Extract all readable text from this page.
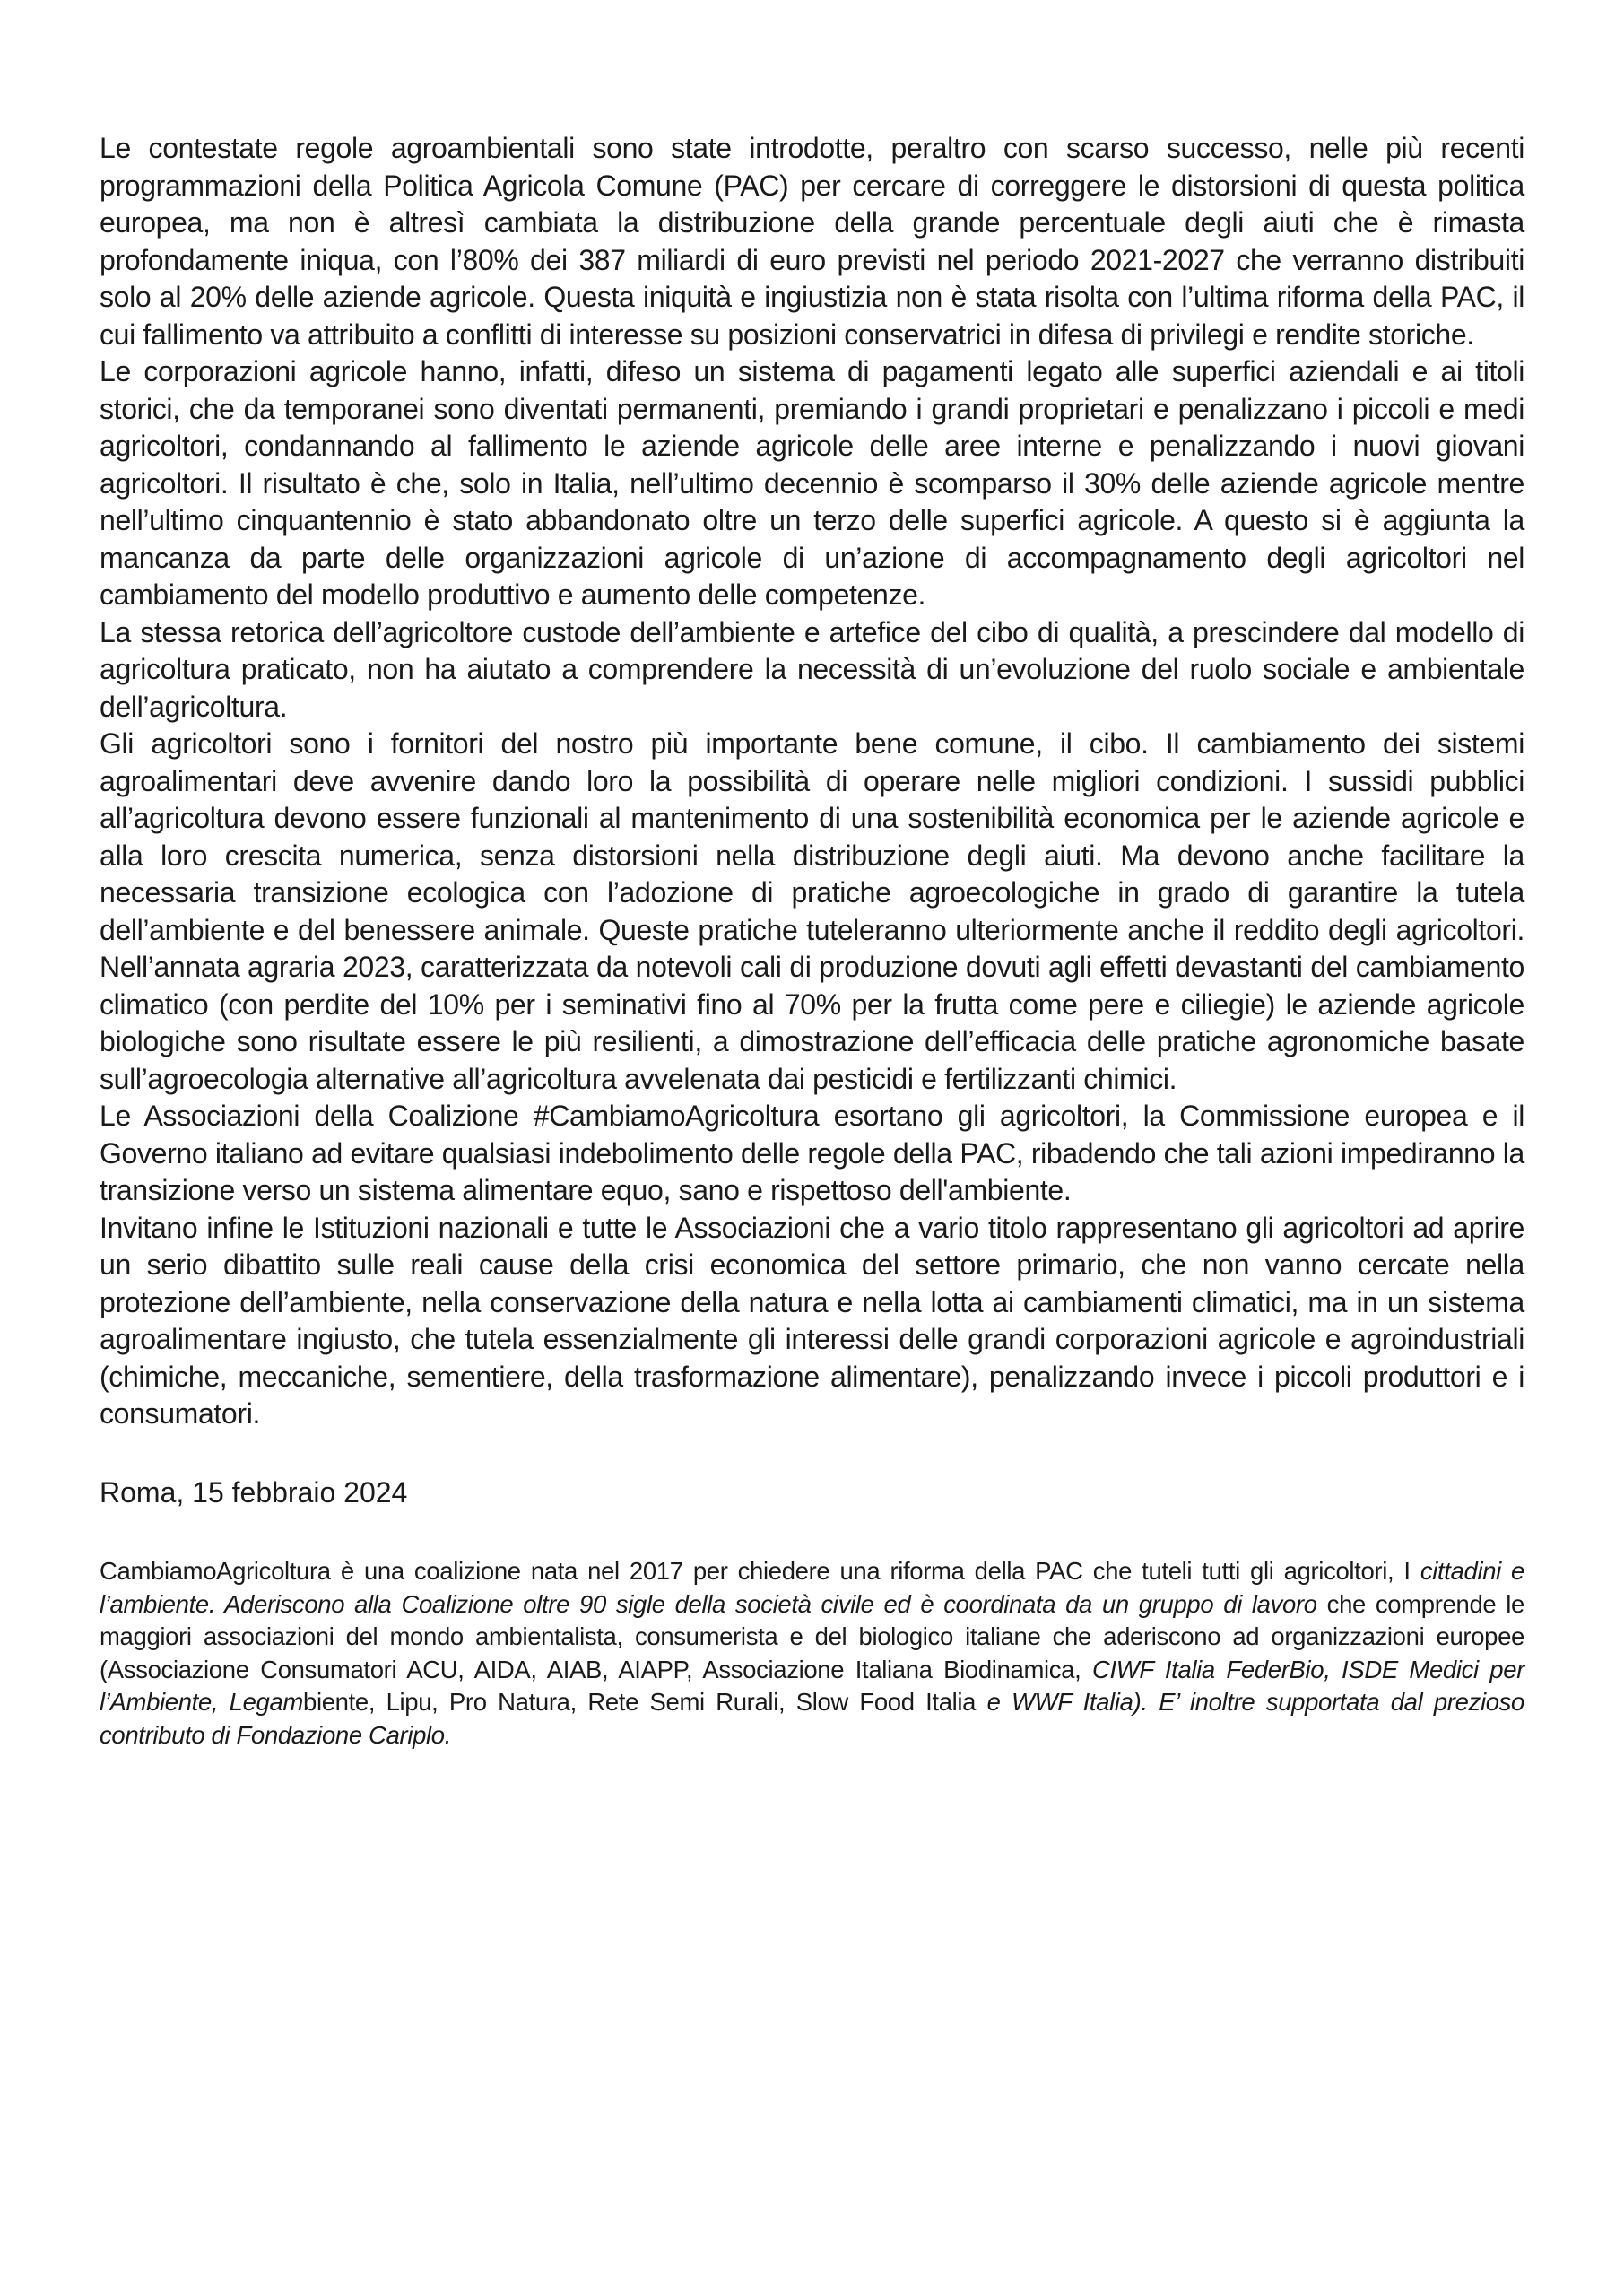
Le contestate regole agroambientali sono state introdotte, peraltro con scarso successo, nelle più recenti programmazioni della Politica Agricola Comune (PAC) per cercare di correggere le distorsioni di questa politica europea, ma non è altresì cambiata la distribuzione della grande percentuale degli aiuti che è rimasta profondamente iniqua, con l’80% dei 387 miliardi di euro previsti nel periodo 2021-2027 che verranno distribuiti solo al 20% delle aziende agricole. Questa iniquità e ingiustizia non è stata risolta con l’ultima riforma della PAC, il cui fallimento va attribuito a conflitti di interesse su posizioni conservatrici in difesa di privilegi e rendite storiche.

Le corporazioni agricole hanno, infatti, difeso un sistema di pagamenti legato alle superfici aziendali e ai titoli storici, che da temporanei sono diventati permanenti, premiando i grandi proprietari e penalizzano i piccoli e medi agricoltori, condannando al fallimento le aziende agricole delle aree interne e penalizzando i nuovi giovani agricoltori. Il risultato è che, solo in Italia, nell’ultimo decennio è scomparso il 30% delle aziende agricole mentre nell’ultimo cinquantennio è stato abbandonato oltre un terzo delle superfici agricole. A questo si è aggiunta la mancanza da parte delle organizzazioni agricole di un’azione di accompagnamento degli agricoltori nel cambiamento del modello produttivo e aumento delle competenze.

La stessa retorica dell’agricoltore custode dell’ambiente e artefice del cibo di qualità, a prescindere dal modello di agricoltura praticato, non ha aiutato a comprendere la necessità di un’evoluzione del ruolo sociale e ambientale dell’agricoltura.

Gli agricoltori sono i fornitori del nostro più importante bene comune, il cibo. Il cambiamento dei sistemi agroalimentari deve avvenire dando loro la possibilità di operare nelle migliori condizioni. I sussidi pubblici all’agricoltura devono essere funzionali al mantenimento di una sostenibilità economica per le aziende agricole e alla loro crescita numerica, senza distorsioni nella distribuzione degli aiuti. Ma devono anche facilitare la necessaria transizione ecologica con l’adozione di pratiche agroecologiche in grado di garantire la tutela dell’ambiente e del benessere animale. Queste pratiche tuteleranno ulteriormente anche il reddito degli agricoltori. Nell’annata agraria 2023, caratterizzata da notevoli cali di produzione dovuti agli effetti devastanti del cambiamento climatico (con perdite del 10% per i seminativi fino al 70% per la frutta come pere e ciliegie) le aziende agricole biologiche sono risultate essere le più resilienti, a dimostrazione dell’efficacia delle pratiche agronomiche basate sull’agroecologia alternative all’agricoltura avvelenata dai pesticidi e fertilizzanti chimici.

Le Associazioni della Coalizione #CambiamoAgricoltura esortano gli agricoltori, la Commissione europea e il Governo italiano ad evitare qualsiasi indebolimento delle regole della PAC, ribadendo che tali azioni impediranno la transizione verso un sistema alimentare equo, sano e rispettoso dell'ambiente.

Invitano infine le Istituzioni nazionali e tutte le Associazioni che a vario titolo rappresentano gli agricoltori ad aprire un serio dibattito sulle reali cause della crisi economica del settore primario, che non vanno cercate nella protezione dell’ambiente, nella conservazione della natura e nella lotta ai cambiamenti climatici, ma in un sistema agroalimentare ingiusto, che tutela essenzialmente gli interessi delle grandi corporazioni agricole e agroindustriali (chimiche, meccaniche, sementiere, della trasformazione alimentare), penalizzando invece i piccoli produttori e i consumatori.

Roma, 15 febbraio 2024

CambiamoAgricoltura è una coalizione nata nel 2017 per chiedere una riforma della PAC che tuteli tutti gli agricoltori, I cittadini e l’ambiente. Aderiscono alla Coalizione oltre 90 sigle della società civile ed è coordinata da un gruppo di lavoro che comprende le maggiori associazioni del mondo ambientalista, consumerista e del biologico italiane che aderiscono ad organizzazioni europee (Associazione Consumatori ACU, AIDA, AIAB, AIAPP, Associazione Italiana Biodinamica, CIWF Italia FederBio, ISDE Medici per l’Ambiente, Legambiente, Lipu, Pro Natura, Rete Semi Rurali, Slow Food Italia e WWF Italia). E’ inoltre supportata dal prezioso contributo di Fondazione Cariplo.
